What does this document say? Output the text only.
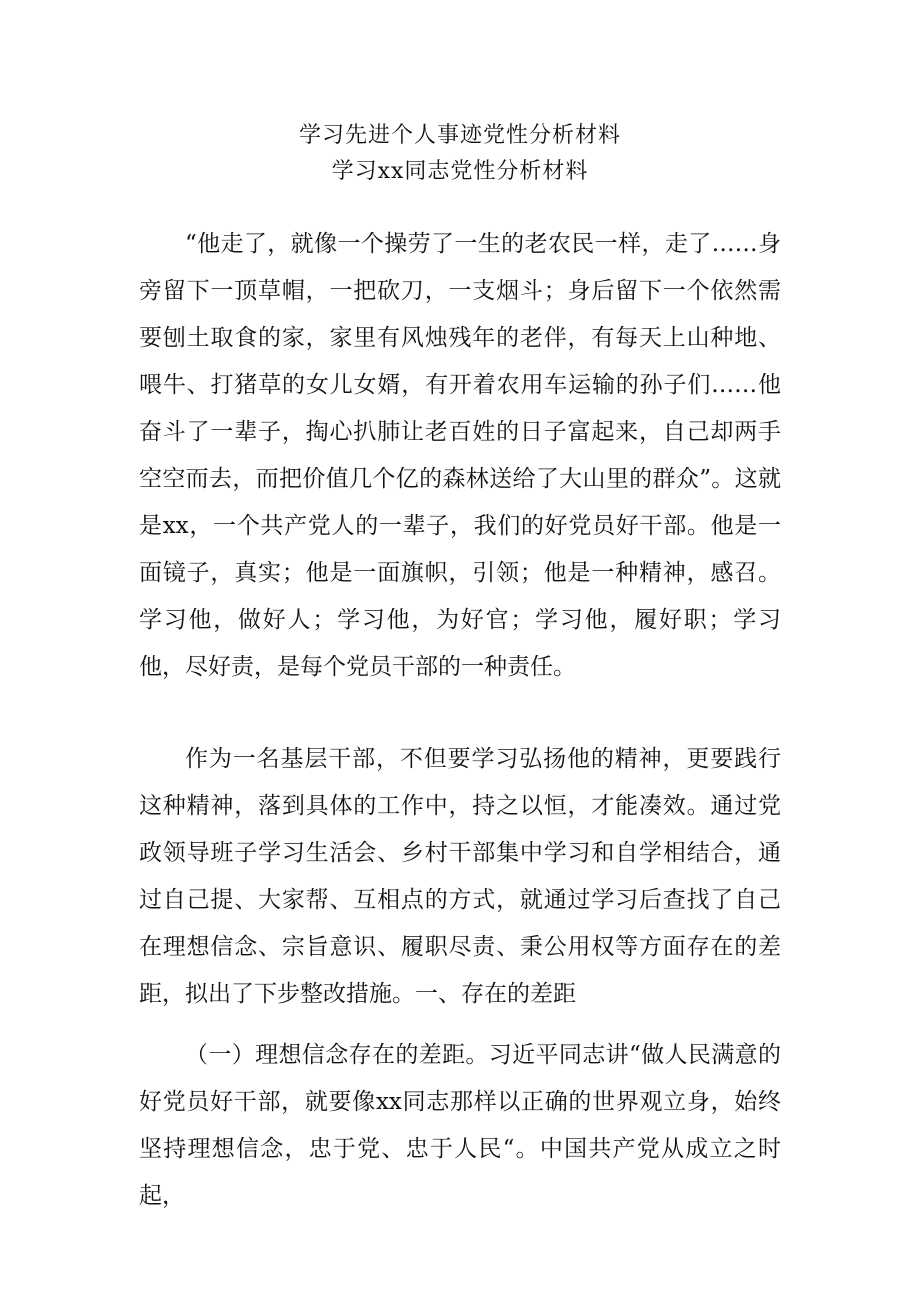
学习先进个人事迹党性分析材料
学习xx同志党性分析材料

“他走了，就像一个操劳了一生的老农民一样，走了……身旁留下一顶草帽，一把砍刀，一支烟斗；身后留下一个依然需要刨土取食的家，家里有风烛残年的老伴，有每天上山种地、喂牛、打猪草的女儿女婿，有开着农用车运输的孙子们……他奋斗了一辈子，掏心扒肺让老百姓的日子富起来，自己却两手空空而去，而把价值几个亿的森林送给了大山里的群众”。这就是xx，一个共产党人的一辈子，我们的好党员好干部。他是一面镜子，真实；他是一面旗帜，引领；他是一种精神，感召。学习他，做好人；学习他，为好官；学习他，履好职；学习他，尽好责，是每个党员干部的一种责任。

作为一名基层干部，不但要学习弘扬他的精神，更要践行这种精神，落到具体的工作中，持之以恒，才能凑效。通过党政领导班子学习生活会、乡村干部集中学习和自学相结合，通过自己提、大家帮、互相点的方式，就通过学习后查找了自己在理想信念、宗旨意识、履职尽责、秉公用权等方面存在的差距，拟出了下步整改措施。一、存在的差距

（一）理想信念存在的差距。习近平同志讲“做人民满意的好党员好干部，就要像xx同志那样以正确的世界观立身，始终坚持理想信念，忠于党、忠于人民“。中国共产党从成立之时起，
